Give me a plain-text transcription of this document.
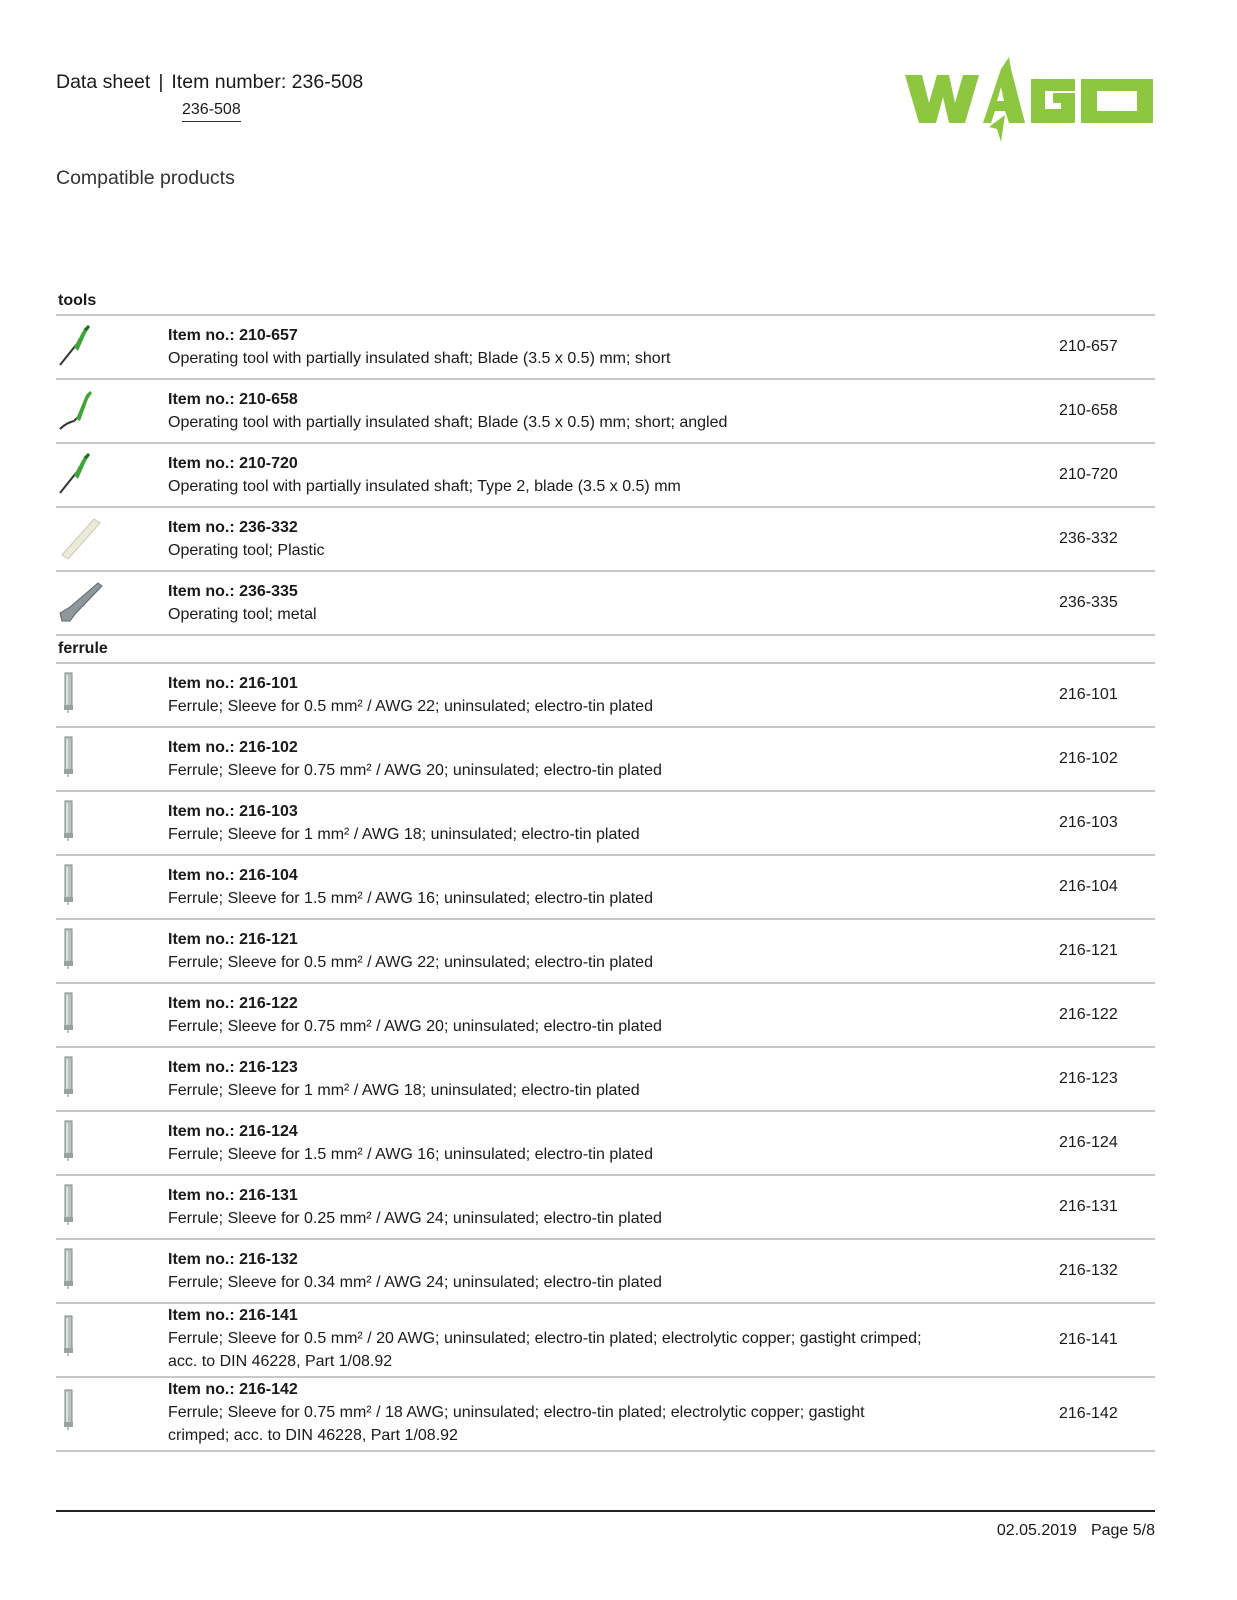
Data sheet | Item number: 236-508
236-508
WAGO
Compatible products
tools
Item no.: 210-657
Operating tool with partially insulated shaft; Blade (3.5 x 0.5) mm; short
210-657
Item no.: 210-658
Operating tool with partially insulated shaft; Blade (3.5 x 0.5) mm; short; angled
210-658
Item no.: 210-720
Operating tool with partially insulated shaft; Type 2, blade (3.5 x 0.5) mm
210-720
Item no.: 236-332
Operating tool; Plastic
236-332
Item no.: 236-335
Operating tool; metal
236-335
ferrule
Item no.: 216-101
Ferrule; Sleeve for 0.5 mm² / AWG 22; uninsulated; electro-tin plated
216-101
Item no.: 216-102
Ferrule; Sleeve for 0.75 mm² / AWG 20; uninsulated; electro-tin plated
216-102
Item no.: 216-103
Ferrule; Sleeve for 1 mm² / AWG 18; uninsulated; electro-tin plated
216-103
Item no.: 216-104
Ferrule; Sleeve for 1.5 mm² / AWG 16; uninsulated; electro-tin plated
216-104
Item no.: 216-121
Ferrule; Sleeve for 0.5 mm² / AWG 22; uninsulated; electro-tin plated
216-121
Item no.: 216-122
Ferrule; Sleeve for 0.75 mm² / AWG 20; uninsulated; electro-tin plated
216-122
Item no.: 216-123
Ferrule; Sleeve for 1 mm² / AWG 18; uninsulated; electro-tin plated
216-123
Item no.: 216-124
Ferrule; Sleeve for 1.5 mm² / AWG 16; uninsulated; electro-tin plated
216-124
Item no.: 216-131
Ferrule; Sleeve for 0.25 mm² / AWG 24; uninsulated; electro-tin plated
216-131
Item no.: 216-132
Ferrule; Sleeve for 0.34 mm² / AWG 24; uninsulated; electro-tin plated
216-132
Item no.: 216-141
Ferrule; Sleeve for 0.5 mm² / 20 AWG; uninsulated; electro-tin plated; electrolytic copper; gastight crimped; acc. to DIN 46228, Part 1/08.92
216-141
Item no.: 216-142
Ferrule; Sleeve for 0.75 mm² / 18 AWG; uninsulated; electro-tin plated; electrolytic copper; gastight crimped; acc. to DIN 46228, Part 1/08.92
216-142
02.05.2019 Page 5/8
